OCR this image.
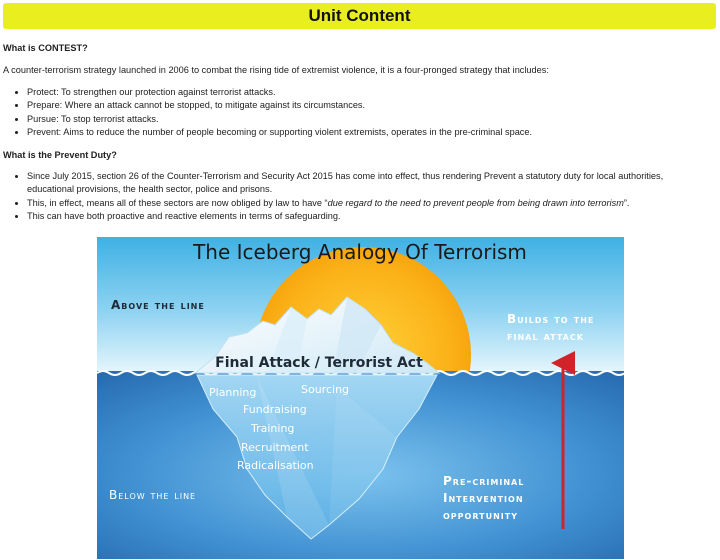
Unit Content
What is CONTEST?
A counter-terrorism strategy launched in 2006 to combat the rising tide of extremist violence, it is a four-pronged strategy that includes:
• Protect: To strengthen our protection against terrorist attacks.
• Prepare: Where an attack cannot be stopped, to mitigate against its circumstances.
• Pursue: To stop terrorist attacks.
• Prevent: Aims to reduce the number of people becoming or supporting violent extremists, operates in the pre-criminal space.
What is the Prevent Duty?
• Since July 2015, section 26 of the Counter-Terrorism and Security Act 2015 has come into effect, thus rendering Prevent a statutory duty for local authorities, educational provisions, the health sector, police and prisons.
• This, in effect, means all of these sectors are now obliged by law to have “due regard to the need to prevent people from being drawn into terrorism”.
• This can have both proactive and reactive elements in terms of safeguarding.
The Iceberg Analogy Of Terrorism
Above the line
Builds to the
final attack
Final Attack / Terrorist Act
Planning	Sourcing
Fundraising
Training
Recruitment
Radicalisation
Below the line
Pre-criminal
Intervention
opportunity
